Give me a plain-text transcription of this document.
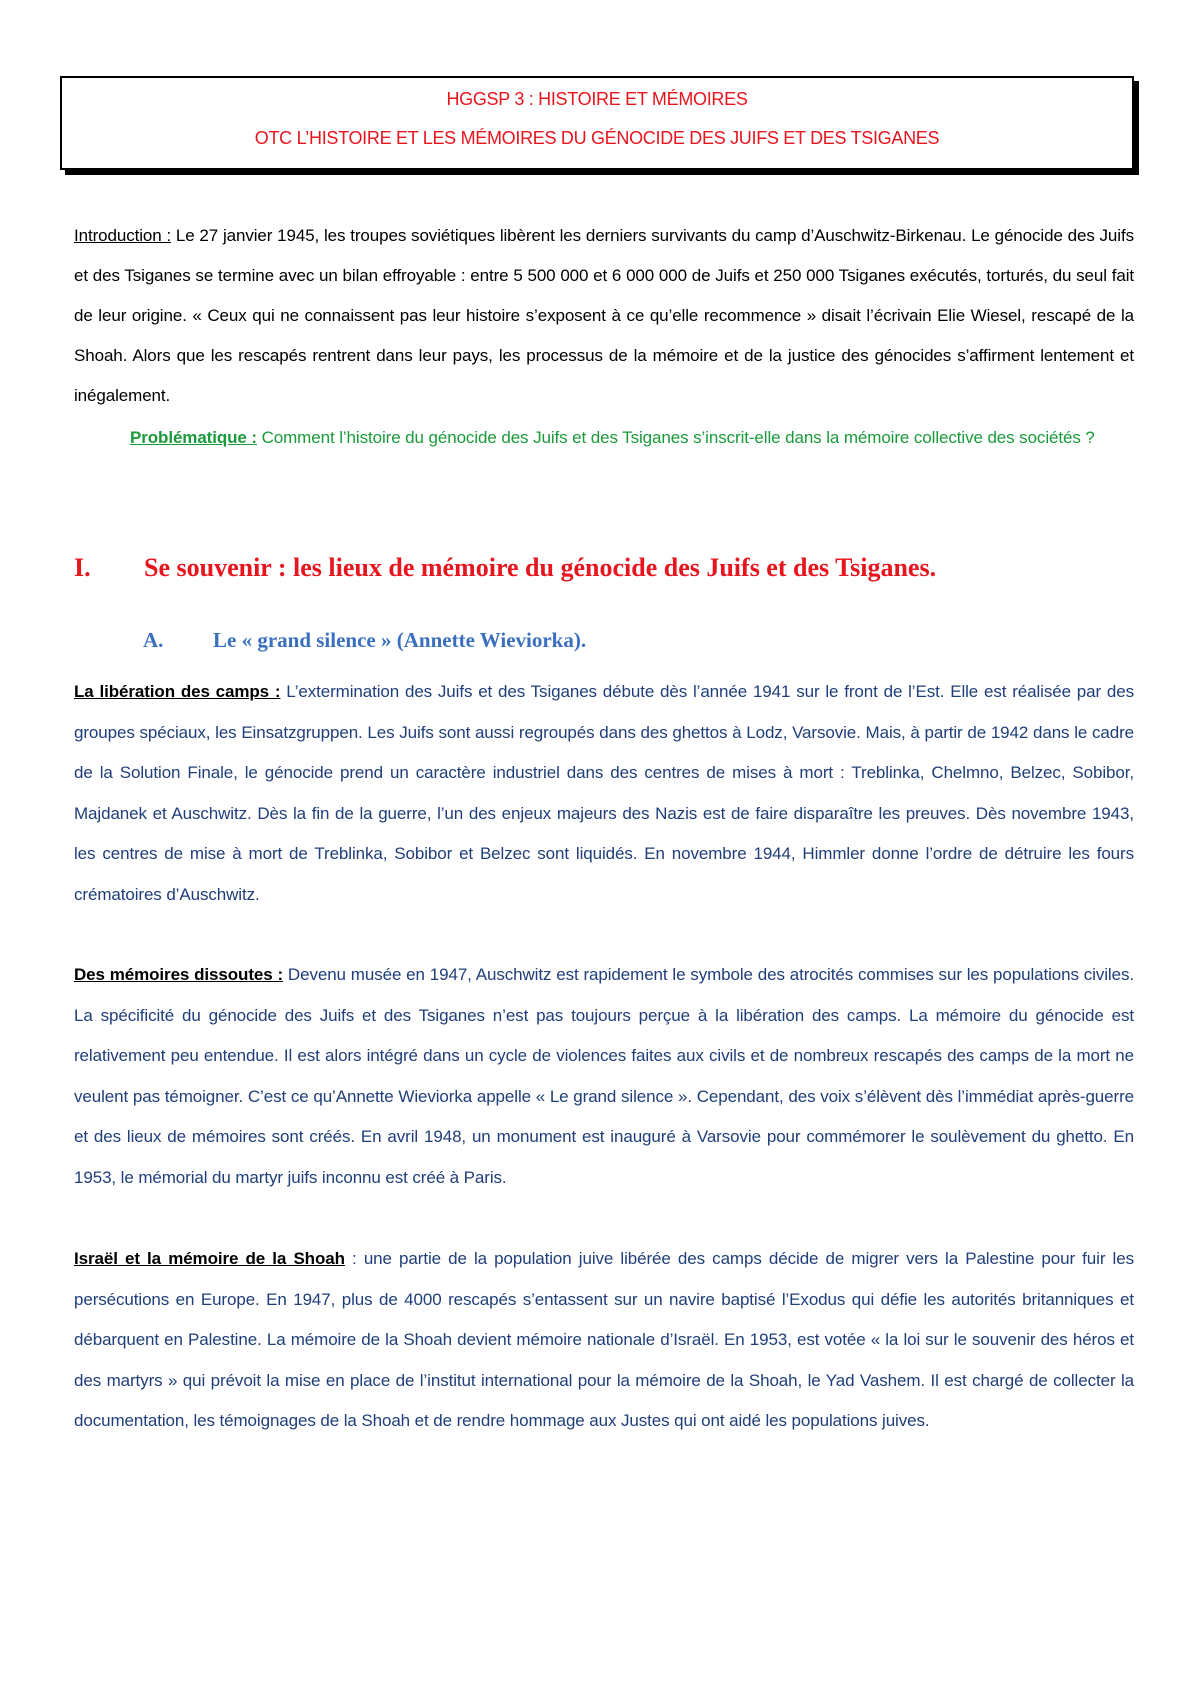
HGGSP 3 : HISTOIRE ET MÉMOIRES
OTC L’HISTOIRE ET LES MÉMOIRES DU GÉNOCIDE DES JUIFS ET DES TSIGANES
Introduction : Le 27 janvier 1945, les troupes soviétiques libèrent les derniers survivants du camp d’Auschwitz-Birkenau. Le génocide des Juifs et des Tsiganes se termine avec un bilan effroyable : entre 5 500 000 et 6 000 000 de Juifs et 250 000 Tsiganes exécutés, torturés, du seul fait de leur origine. « Ceux qui ne connaissent pas leur histoire s’exposent à ce qu’elle recommence » disait l’écrivain Elie Wiesel, rescapé de la Shoah. Alors que les rescapés rentrent dans leur pays, les processus de la mémoire et de la justice des génocides s’affirment lentement et inégalement.
Problématique : Comment l’histoire du génocide des Juifs et des Tsiganes s’inscrit-elle dans la mémoire collective des sociétés ?
I. Se souvenir : les lieux de mémoire du génocide des Juifs et des Tsiganes.
A. Le « grand silence » (Annette Wieviorka).
La libération des camps : L’extermination des Juifs et des Tsiganes débute dès l’année 1941 sur le front de l’Est. Elle est réalisée par des groupes spéciaux, les Einsatzgruppen. Les Juifs sont aussi regroupés dans des ghettos à Lodz, Varsovie. Mais, à partir de 1942 dans le cadre de la Solution Finale, le génocide prend un caractère industriel dans des centres de mises à mort : Treblinka, Chelmno, Belzec, Sobibor, Majdanek et Auschwitz. Dès la fin de la guerre, l’un des enjeux majeurs des Nazis est de faire disparaître les preuves. Dès novembre 1943, les centres de mise à mort de Treblinka, Sobibor et Belzec sont liquidés. En novembre 1944, Himmler donne l’ordre de détruire les fours crématoires d’Auschwitz.
Des mémoires dissoutes : Devenu musée en 1947, Auschwitz est rapidement le symbole des atrocités commises sur les populations civiles. La spécificité du génocide des Juifs et des Tsiganes n’est pas toujours perçue à la libération des camps. La mémoire du génocide est relativement peu entendue. Il est alors intégré dans un cycle de violences faites aux civils et de nombreux rescapés des camps de la mort ne veulent pas témoigner. C’est ce qu’Annette Wieviorka appelle « Le grand silence ». Cependant, des voix s’élèvent dès l’immédiat après-guerre et des lieux de mémoires sont créés. En avril 1948, un monument est inauguré à Varsovie pour commémorer le soulèvement du ghetto. En 1953, le mémorial du martyr juifs inconnu est créé à Paris.
Israël et la mémoire de la Shoah : une partie de la population juive libérée des camps décide de migrer vers la Palestine pour fuir les persécutions en Europe. En 1947, plus de 4000 rescapés s’entassent sur un navire baptisé l’Exodus qui défie les autorités britanniques et débarquent en Palestine. La mémoire de la Shoah devient mémoire nationale d’Israël. En 1953, est votée « la loi sur le souvenir des héros et des martyrs » qui prévoit la mise en place de l’institut international pour la mémoire de la Shoah, le Yad Vashem. Il est chargé de collecter la documentation, les témoignages de la Shoah et de rendre hommage aux Justes qui ont aidé les populations juives.
